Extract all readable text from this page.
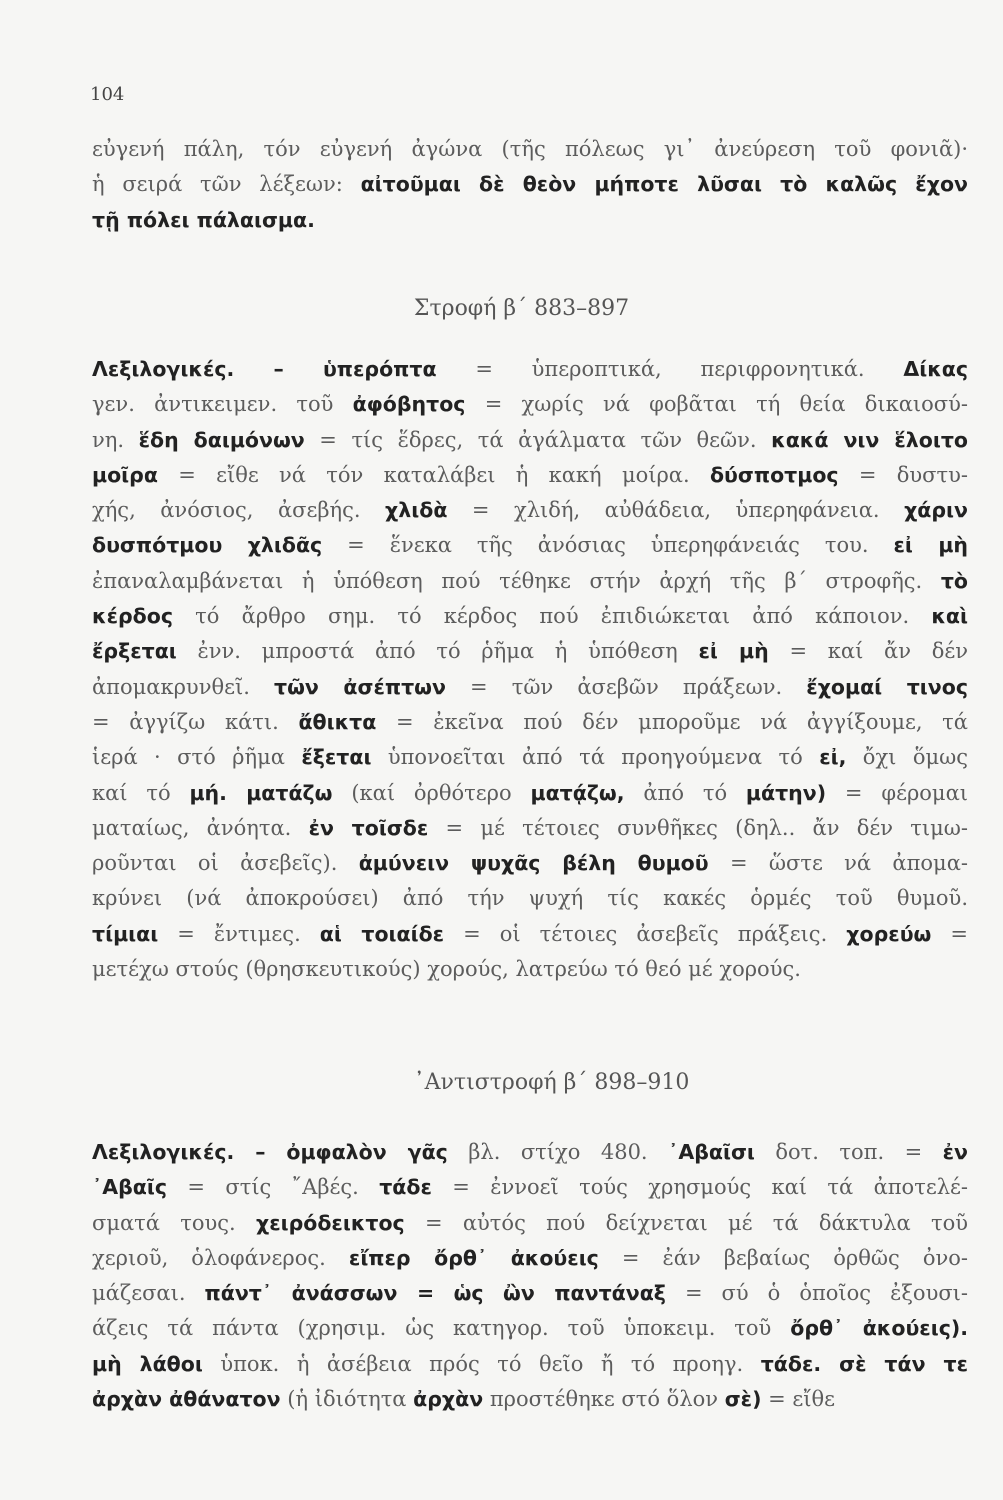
104
εὐγενή πάλη, τόν εὐγενή ἀγώνα (τῆς πόλεως γι᾽ ἀνεύρεση τοῦ φονιᾶ)·
ἡ σειρά τῶν λέξεων: αἰτοῦμαι δὲ θεὸν μήποτε λῦσαι τὸ καλῶς ἔχον
τῇ πόλει πάλαισμα.
Στροφή β΄ 883–897
Λεξιλογικές. – ὑπερόπτα = ὑπεροπτικά, περιφρονητικά. Δίκας
γεν. ἀντικειμεν. τοῦ ἀφόβητος = χωρίς νά φοβᾶται τή θεία δικαιοσύ-
νη. ἕδη δαιμόνων = τίς ἕδρες, τά ἀγάλματα τῶν θεῶν. κακά νιν ἕλοιτο
μοῖρα = εἴθε νά τόν καταλάβει ἡ κακή μοίρα. δύσποτμος = δυστυ-
χής, ἀνόσιος, ἀσεβής. χλιδὰ = χλιδή, αὐθάδεια, ὑπερηφάνεια. χάριν
δυσπότμου χλιδᾶς = ἕνεκα τῆς ἀνόσιας ὑπερηφάνειάς του. εἰ μὴ
ἐπαναλαμβάνεται ἡ ὑπόθεση πού τέθηκε στήν ἀρχή τῆς β΄ στροφῆς. τὸ
κέρδος τό ἄρθρο σημ. τό κέρδος πού ἐπιδιώκεται ἀπό κάποιον. καὶ
ἔρξεται ἐνν. μπροστά ἀπό τό ῥῆμα ἡ ὑπόθεση εἰ μὴ = καί ἄν δέν
ἀπομακρυνθεῖ. τῶν ἀσέπτων = τῶν ἀσεβῶν πράξεων. ἔχομαί τινος
= ἀγγίζω κάτι. ἄθικτα = ἐκεῖνα πού δέν μποροῦμε νά ἀγγίξουμε, τά
ἱερά · στό ῥῆμα ἔξεται ὑπονοεῖται ἀπό τά προηγούμενα τό εἰ, ὄχι ὅμως
καί τό μή. ματάζω (καί ὀρθότερο ματᾴζω, ἀπό τό μάτην) = φέρομαι
ματαίως, ἀνόητα. ἐν τοῖσδε = μέ τέτοιες συνθῆκες (δηλ.. ἄν δέν τιμω-
ροῦνται οἱ ἀσεβεῖς). ἀμύνειν ψυχᾶς βέλη θυμοῦ = ὥστε νά ἀπομα-
κρύνει (νά ἀποκρούσει) ἀπό τήν ψυχή τίς κακές ὁρμές τοῦ θυμοῦ.
τίμιαι = ἔντιμες. αἱ τοιαίδε = οἱ τέτοιες ἀσεβεῖς πράξεις. χορεύω =
μετέχω στούς (θρησκευτικούς) χορούς, λατρεύω τό θεό μέ χορούς.
᾿Αντιστροφή β΄ 898–910
Λεξιλογικές. – ὀμφαλὸν γᾶς βλ. στίχο 480. ᾿Αβαῖσι δοτ. τοπ. = ἐν
᾿Αβαῖς = στίς ῎Αβές. τάδε = ἐννοεῖ τούς χρησμούς καί τά ἀποτελέ-
σματά τους. χειρόδεικτος = αὐτός πού δείχνεται μέ τά δάκτυλα τοῦ
χεριοῦ, ὁλοφάνερος. εἴπερ ὄρθ᾽ ἀκούεις = ἐάν βεβαίως ὀρθῶς ὀνο-
μάζεσαι. πάντ᾽ ἀνάσσων = ὡς ὢν παντάναξ = σύ ὁ ὁποῖος ἐξουσι-
άζεις τά πάντα (χρησιμ. ὡς κατηγορ. τοῦ ὑποκειμ. τοῦ ὄρθ᾽ ἀκούεις).
μὴ λάθοι ὑποκ. ἡ ἀσέβεια πρός τό θεῖο ἤ τό προηγ. τάδε. σὲ τάν τε
ἀρχὰν ἀθάνατον (ἡ ἰδιότητα ἀρχὰν προστέθηκε στό ὅλον σὲ) = εἴθε
